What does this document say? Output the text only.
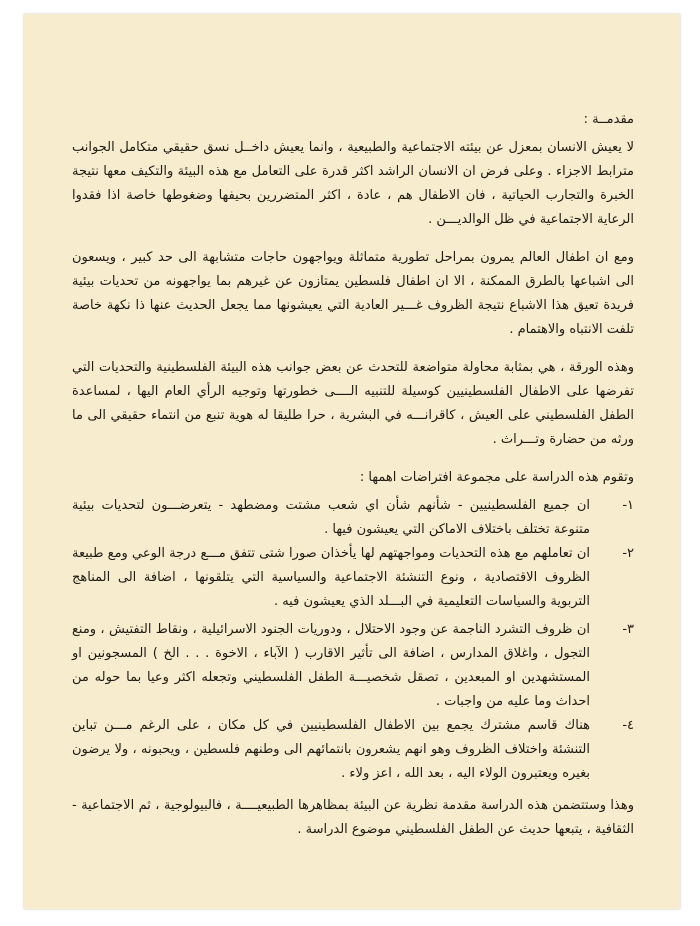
مقدمــة :

لا يعيش الانسان بمعزل عن بيئته الاجتماعية والطبيعية ، وانما يعيش داخــل نسق حقيقي متكامل الجوانب مترابط الاجزاء . وعلى فرض ان الانسان الراشد اكثر قدرة على التعامل مع هذه البيئة والتكيف معها نتيجة الخبرة والتجارب الحياتية ، فان الاطفال هم ، عادة ، اكثر المتضررين بحيفها وضغوطها خاصة اذا فقدوا الرعاية الاجتماعية في ظل الوالديـــن .

ومع ان اطفال العالم يمرون بمراحل تطورية متماثلة ويواجهون حاجات متشابهة الى حد كبير ، ويسعون الى اشباعها بالطرق الممكنة ، الا ان اطفال فلسطين يمتازون عن غيرهم بما يواجهونه من تحديات بيئية فريدة تعيق هذا الاشباع نتيجة الظروف غـــير العادية التي يعيشونها مما يجعل الحديث عنها ذا نكهة خاصة تلفت الانتباه والاهتمام .

وهذه الورقة ، هي بمثابة محاولة متواضعة للتحدث عن بعض جوانب هذه البيئة الفلسطينية والتحديات التي تفرضها على الاطفال الفلسطينيين كوسيلة للتنبيه الــــى خطورتها وتوجيه الرأي العام اليها ، لمساعدة الطفل الفلسطيني على العيش ، كاقرانـــه في البشرية ، حرا طليقا له هوية تنبع من انتماء حقيقي الى ما ورثه من حضارة وتـــراث .

وتقوم هذه الدراسة على مجموعة افتراضات اهمها :

١-
ان جميع الفلسطينيين - شأنهم شأن اي شعب مشتت ومضطهد - يتعرضـــون لتحديات بيئية متنوعة تختلف باختلاف الاماكن التي يعيشون فيها .
٢-
ان تعاملهم مع هذه التحديات ومواجهتهم لها يأخذان صورا شتى تتفق مـــع درجة الوعي ومع طبيعة الظروف الاقتصادية ، ونوع التنشئة الاجتماعية والسياسية التي يتلقونها ، اضافة الى المناهج التربوية والسياسات التعليمية في البـــلد الذي يعيشون فيه .
٣-
ان ظروف التشرد الناجمة عن وجود الاحتلال ، ودوريات الجنود الاسرائيلية ، ونقاط التفتيش ، ومنع التجول ، واغلاق المدارس ، اضافة الى تأثير الاقارب ( الآباء ، الاخوة . . . الخ ) المسجونين او المستشهدين او المبعدين ، تصقل شخصيـــة الطفل الفلسطيني وتجعله اكثر وعيا بما حوله من احداث وما عليه من واجبات .
٤-
هناك قاسم مشترك يجمع بين الاطفال الفلسطينيين في كل مكان ، على الرغم مـــن تباين التنشئة واختلاف الظروف وهو انهم يشعرون بانتمائهم الى وطنهم فلسطين ، ويحبونه ، ولا يرضون بغيره ويعتبرون الولاء اليه ، بعد الله ، اعز ولاء .

وهذا وستتضمن هذه الدراسة مقدمة نظرية عن البيئة بمظاهرها الطبيعيــــة ، فالبيولوجية ، ثم الاجتماعية - الثقافية ، يتبعها حديث عن الطفل الفلسطيني موضوع الدراسة .
